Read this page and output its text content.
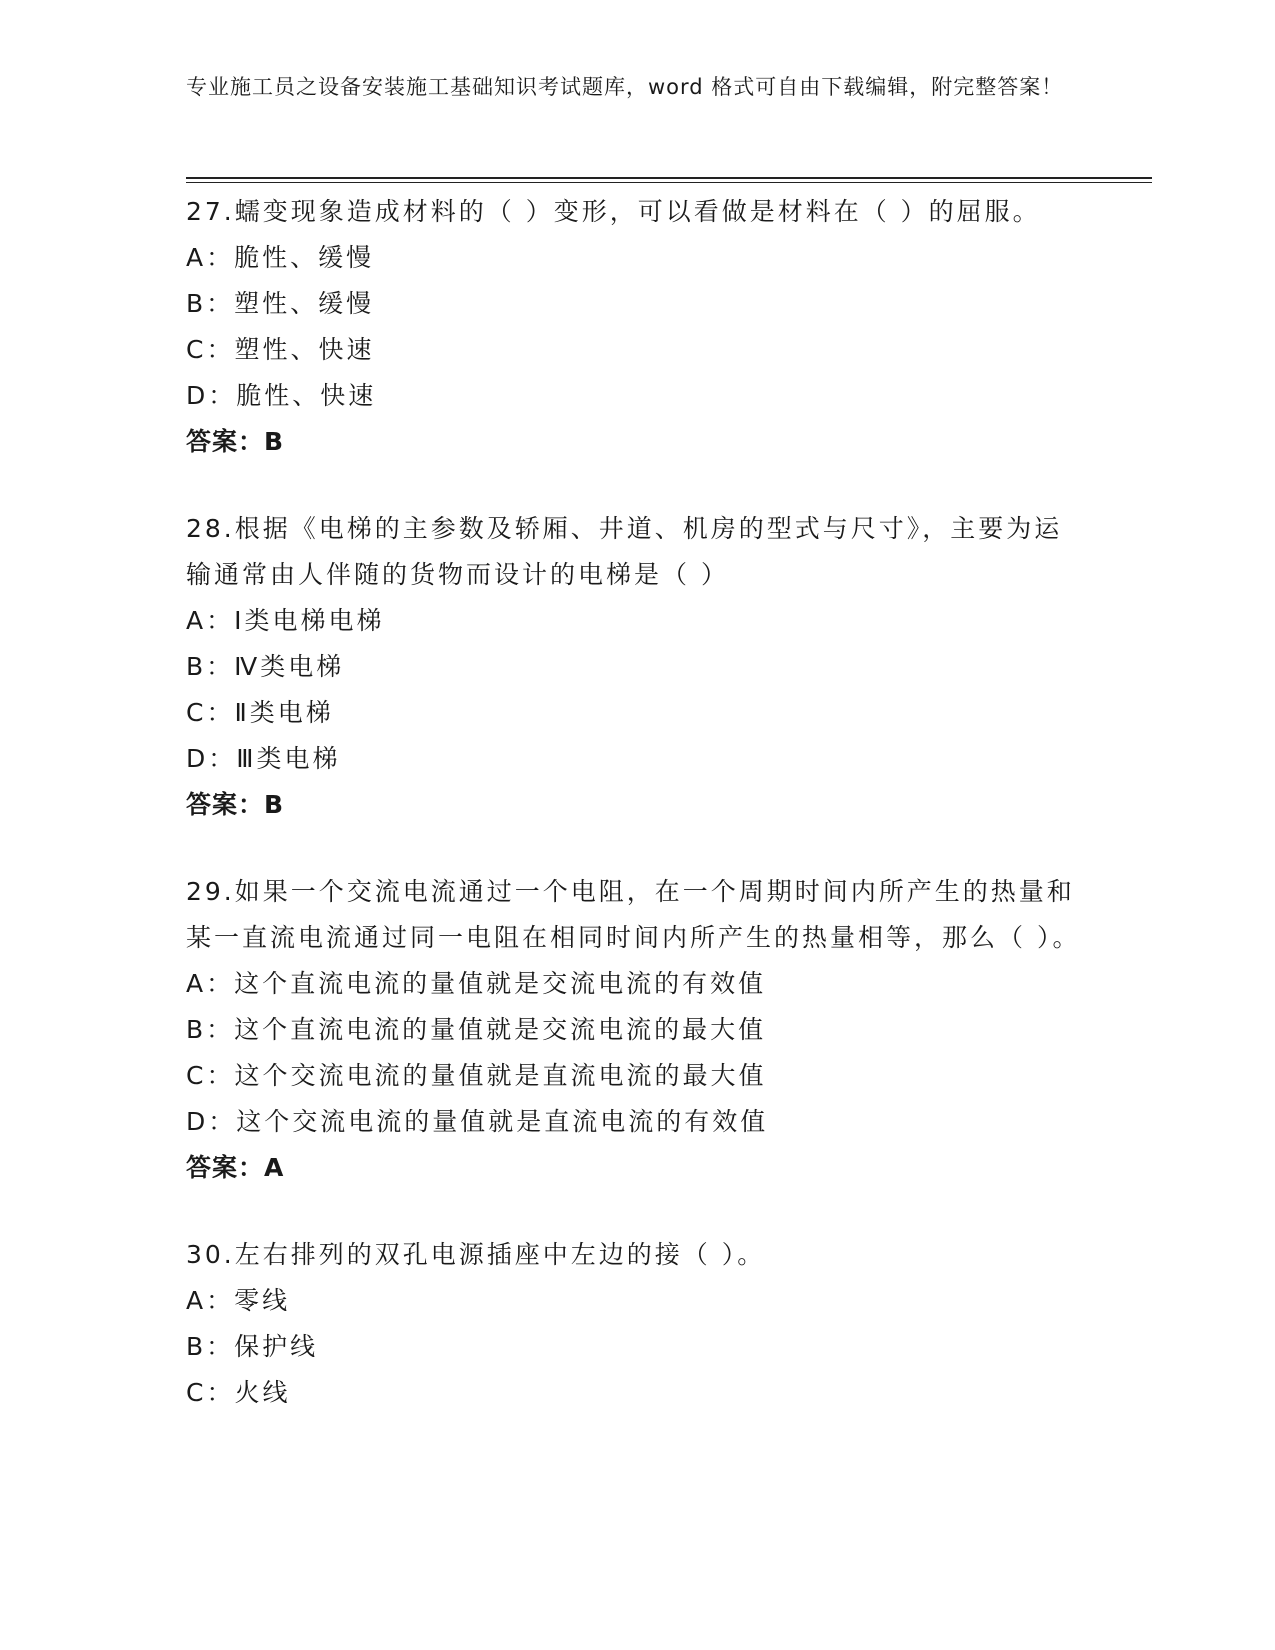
专业施工员之设备安装施工基础知识考试题库，word 格式可自由下载编辑，附完整答案！
27.蠕变现象造成材料的（ ）变形，可以看做是材料在（ ）的屈服。
A：脆性、缓慢
B：塑性、缓慢
C：塑性、快速
D：脆性、快速
答案：B
28.根据《电梯的主参数及轿厢、井道、机房的型式与尺寸》，主要为运输通常由人伴随的货物而设计的电梯是（ ）
A：Ⅰ类电梯电梯
B：Ⅳ类电梯
C：Ⅱ类电梯
D：Ⅲ类电梯
答案：B
29.如果一个交流电流通过一个电阻，在一个周期时间内所产生的热量和某一直流电流通过同一电阻在相同时间内所产生的热量相等，那么（ ）。
A：这个直流电流的量值就是交流电流的有效值
B：这个直流电流的量值就是交流电流的最大值
C：这个交流电流的量值就是直流电流的最大值
D：这个交流电流的量值就是直流电流的有效值
答案：A
30.左右排列的双孔电源插座中左边的接（ ）。
A：零线
B：保护线
C：火线
